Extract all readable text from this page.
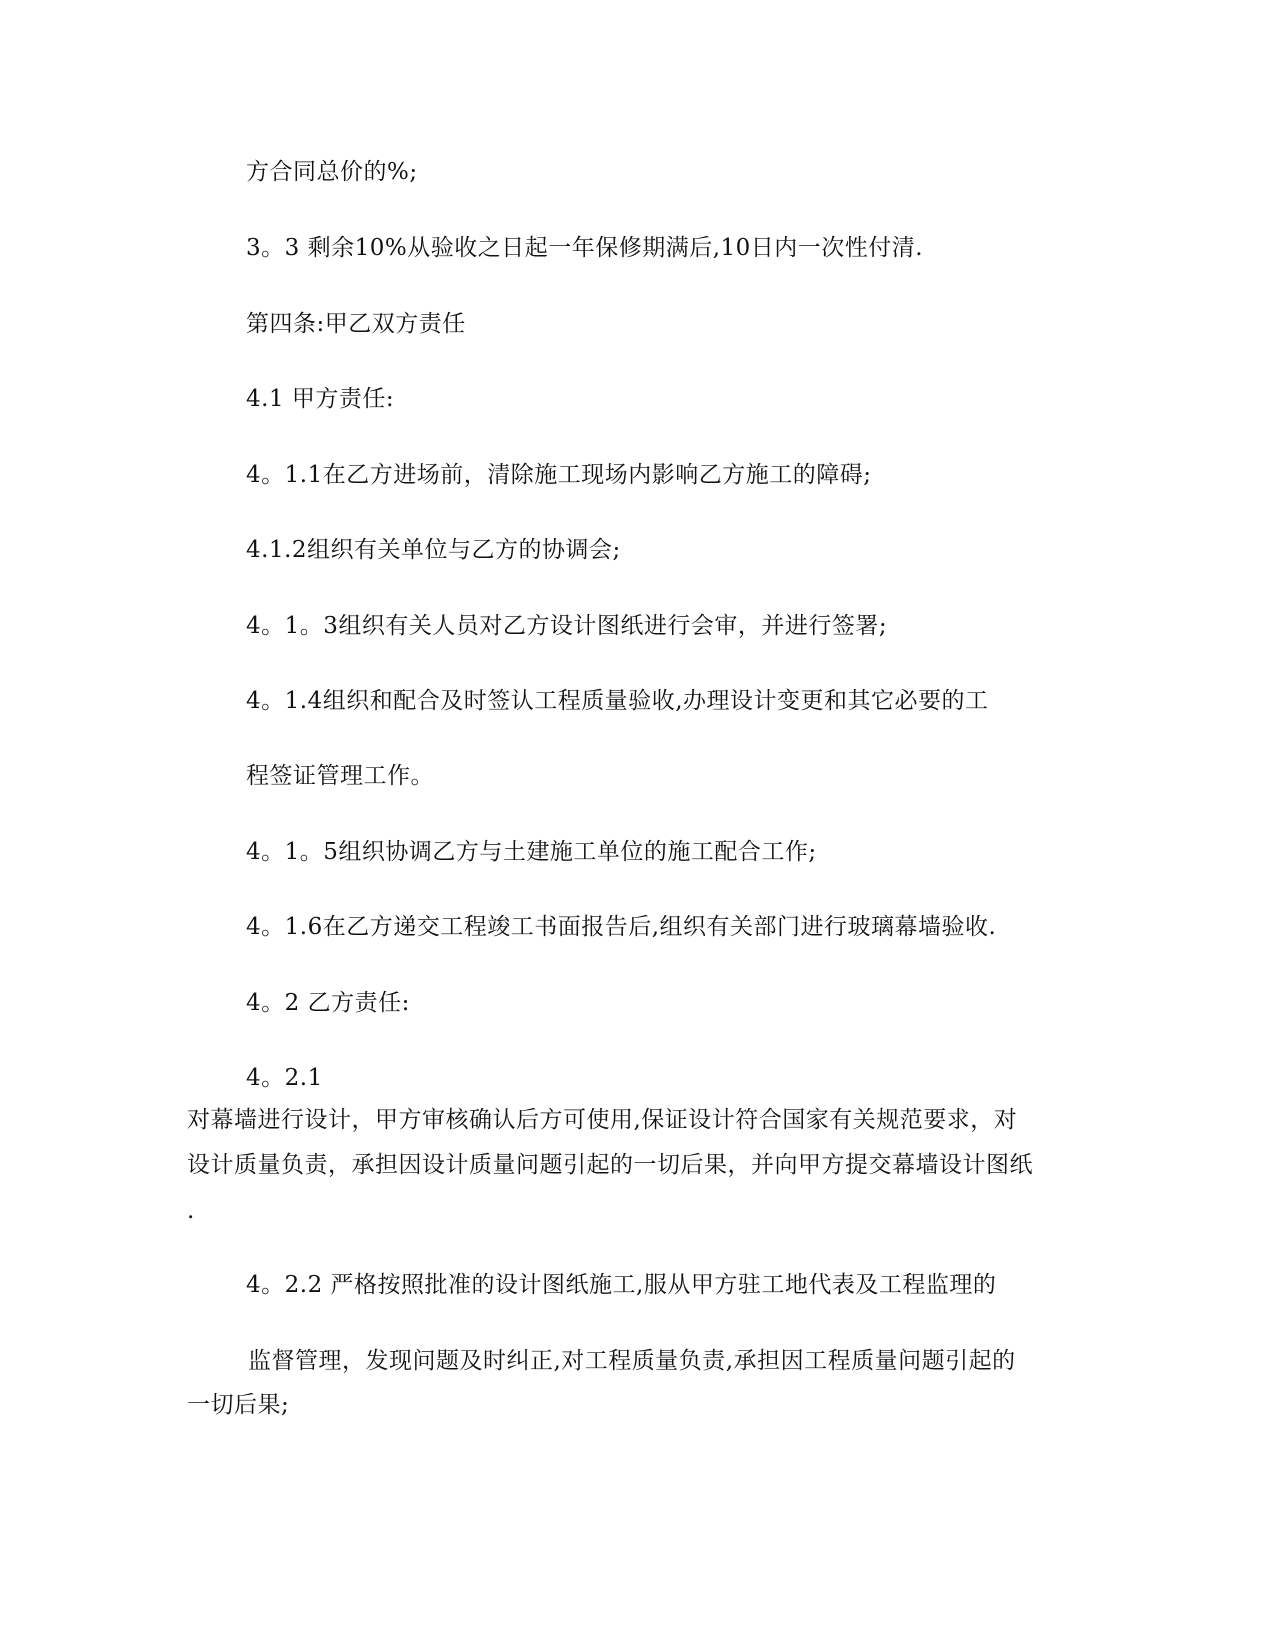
方合同总价的%;
3。3 剩余10%从验收之日起一年保修期满后,10日内一次性付清.
第四条:甲乙双方责任
4.1 甲方责任:
4。1.1在乙方进场前，清除施工现场内影响乙方施工的障碍;
4.1.2组织有关单位与乙方的协调会;
4。1。3组织有关人员对乙方设计图纸进行会审，并进行签署;
4。1.4组织和配合及时签认工程质量验收,办理设计变更和其它必要的工
程签证管理工作。
4。1。5组织协调乙方与土建施工单位的施工配合工作;
4。1.6在乙方递交工程竣工书面报告后,组织有关部门进行玻璃幕墙验收.
4。2 乙方责任:
4。2.1
对幕墙进行设计，甲方审核确认后方可使用,保证设计符合国家有关规范要求，对
设计质量负责，承担因设计质量问题引起的一切后果，并向甲方提交幕墙设计图纸
.
4。2.2 严格按照批准的设计图纸施工,服从甲方驻工地代表及工程监理的
监督管理，发现问题及时纠正,对工程质量负责,承担因工程质量问题引起的
一切后果;
